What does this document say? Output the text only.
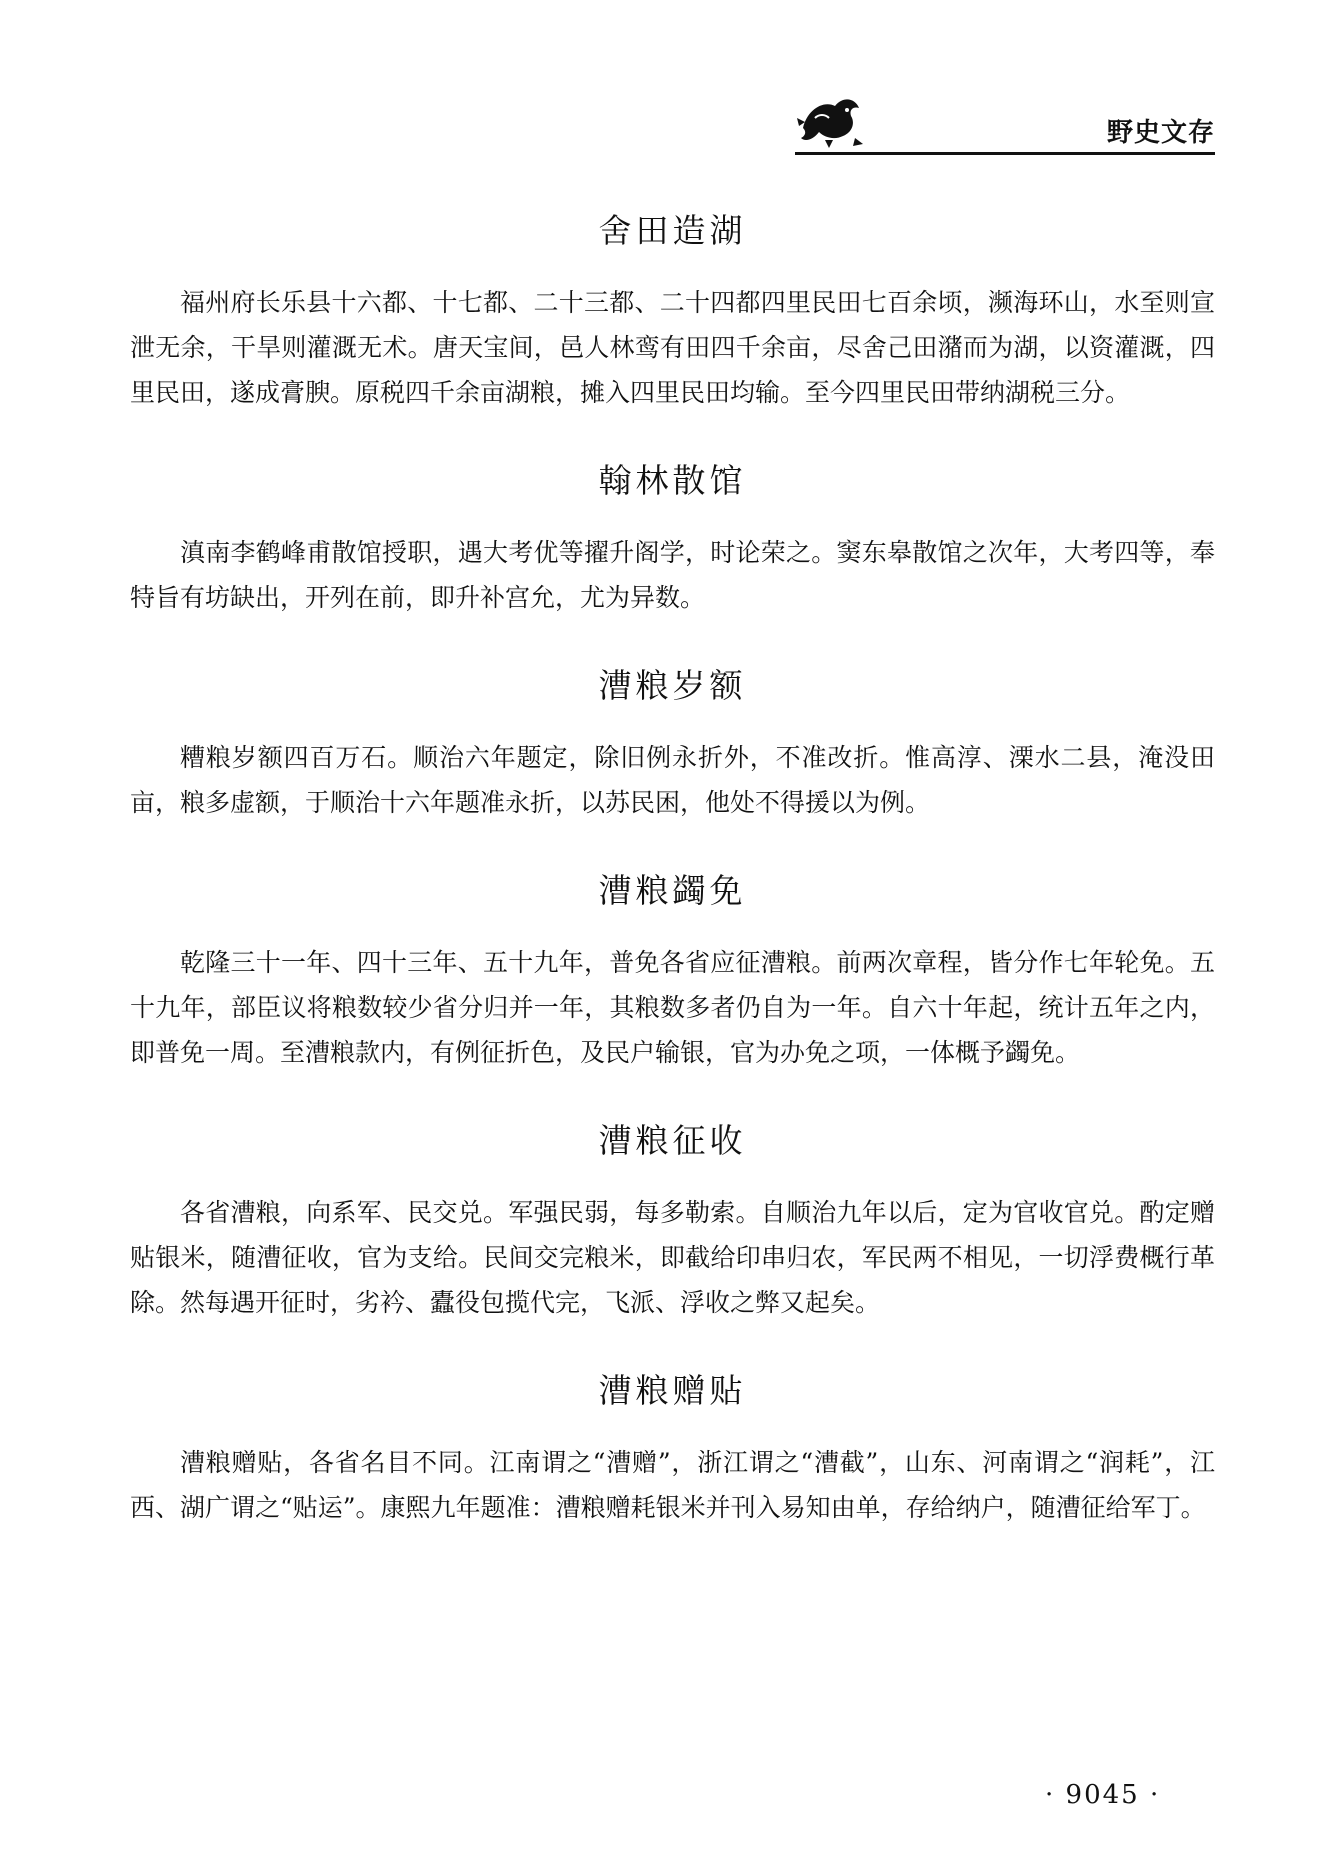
野史文存
舍田造湖

福州府长乐县十六都、十七都、二十三都、二十四都四里民田七百余顷，濒海环山，水至则宣泄无余，干旱则灌溉无术。唐天宝间，邑人林鸾有田四千余亩，尽舍己田潴而为湖，以资灌溉，四里民田，遂成膏腴。原税四千余亩湖粮，摊入四里民田均输。至今四里民田带纳湖税三分。

翰林散馆

滇南李鹤峰甫散馆授职，遇大考优等擢升阁学，时论荣之。窦东皋散馆之次年，大考四等，奉特旨有坊缺出，开列在前，即升补宫允，尤为异数。

漕粮岁额

糟粮岁额四百万石。顺治六年题定，除旧例永折外，不准改折。惟高淳、溧水二县，淹没田亩，粮多虚额，于顺治十六年题准永折，以苏民困，他处不得援以为例。

漕粮蠲免

乾隆三十一年、四十三年、五十九年，普免各省应征漕粮。前两次章程，皆分作七年轮免。五十九年，部臣议将粮数较少省分归并一年，其粮数多者仍自为一年。自六十年起，统计五年之内，即普免一周。至漕粮款内，有例征折色，及民户输银，官为办免之项，一体概予蠲免。

漕粮征收

各省漕粮，向系军、民交兑。军强民弱，每多勒索。自顺治九年以后，定为官收官兑。酌定赠贴银米，随漕征收，官为支给。民间交完粮米，即截给印串归农，军民两不相见，一切浮费概行革除。然每遇开征时，劣衿、蠹役包揽代完，飞派、浮收之弊又起矣。

漕粮赠贴

漕粮赠贴，各省名目不同。江南谓之“漕赠”，浙江谓之“漕截”，山东、河南谓之“润耗”，江西、湖广谓之“贴运”。康熙九年题准：漕粮赠耗银米并刊入易知由单，存给纳户，随漕征给军丁。

· 9045 ·
